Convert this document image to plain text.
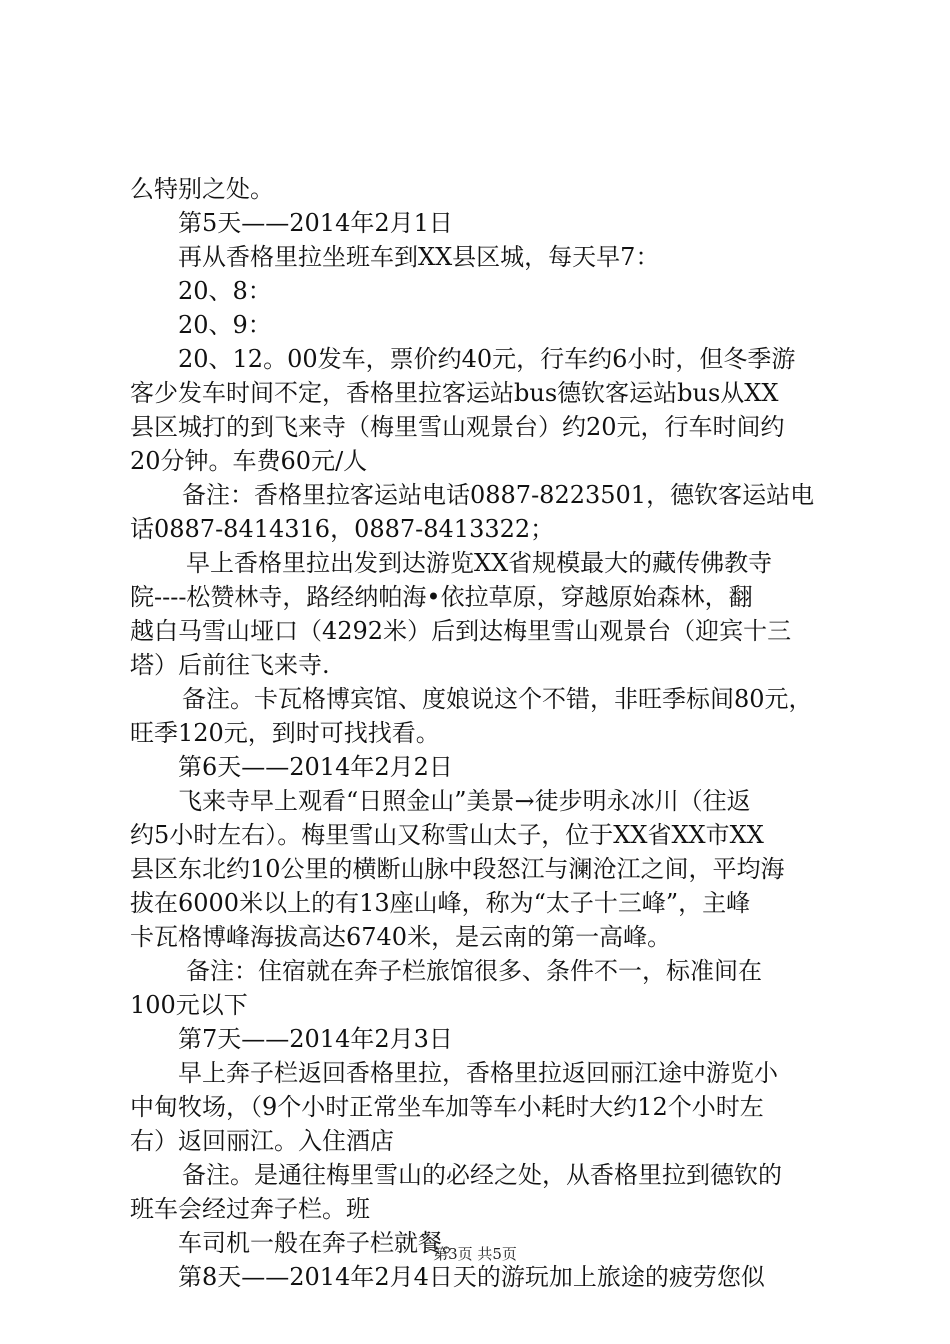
么特别之处。
第5天——2014年2月1日
再从香格里拉坐班车到XX县区城，每天早7：
20、8：
20、9：
20、12。00发车，票价约40元，行车约6小时，但冬季游
客少发车时间不定，香格里拉客运站bus德钦客运站bus从XX
县区城打的到飞来寺（梅里雪山观景台）约20元，行车时间约
20分钟。车费60元/人
备注：香格里拉客运站电话0887-8223501，德钦客运站电
话0887-8414316，0887-8413322；
早上香格里拉出发到达游览XX省规模最大的藏传佛教寺
院----松赞林寺，路经纳帕海•依拉草原，穿越原始森林，翻
越白马雪山垭口（4292米）后到达梅里雪山观景台（迎宾十三
塔）后前往飞来寺.
备注。卡瓦格博宾馆、度娘说这个不错，非旺季标间80元，
旺季120元，到时可找找看。
第6天——2014年2月2日
飞来寺早上观看“日照金山”美景→徒步明永冰川（往返
约5小时左右）。梅里雪山又称雪山太子，位于XX省XX市XX
县区东北约10公里的横断山脉中段怒江与澜沧江之间，平均海
拔在6000米以上的有13座山峰，称为“太子十三峰”，主峰
卡瓦格博峰海拔高达6740米，是云南的第一高峰。
备注：住宿就在奔子栏旅馆很多、条件不一，标准间在
100元以下
第7天——2014年2月3日
早上奔子栏返回香格里拉，香格里拉返回丽江途中游览小
中甸牧场，（9个小时正常坐车加等车小耗时大约12个小时左
右）返回丽江。入住酒店
备注。是通往梅里雪山的必经之处，从香格里拉到德钦的
班车会经过奔子栏。班
车司机一般在奔子栏就餐。
第8天——2014年2月4日天的游玩加上旅途的疲劳您似
第3页 共5页
